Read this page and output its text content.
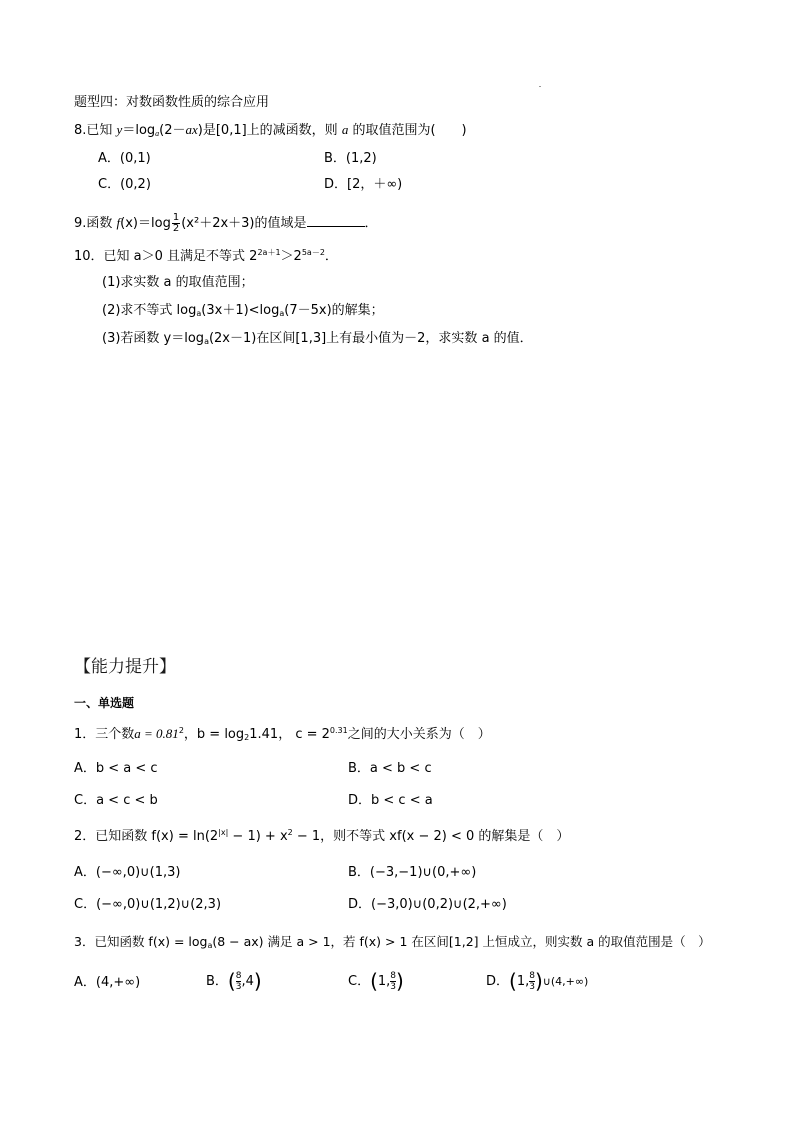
题型四：对数函数性质的综合应用
8.已知 $y=\log_a(2-ax)$是[0,1]上的减函数，则 a 的取值范围为(　　)
A．(0,1)	B．(1,2)
C．(0,2)	D．[2，＋∞)
9.函数 $f(x)=\log \frac{1}{2} (x^2+2x+3)$的值域是	．
10．已知 a＞0 且满足不等式 $2^{2a+1}>2^{5a-2}$．
(1)求实数 a 的取值范围；
(2)求不等式 $\log_a(3x+1)<\log_a(7-5x)$的解集；
(3)若函数 $y=\log_a(2x-1)$在区间[1,3]上有最小值为－2，求实数 a 的值．
【能力提升】
一、单选题
1．三个数$a = 0.81^2$，$b = \log_21.41$， $c = 2^{0.31}$之间的大小关系为（　）
A．b < a < c	B．a < b < c
C．a < c < b	D．b < c < a
2．已知函数 $f(x) = \ln(2^{|x|} - 1) + x^2 - 1$，则不等式 xf(x − 2) < 0 的解集是（　）
A．(−∞,0)∪(1,3)	B．(−3,−1)∪(0,+∞)
C．(−∞,0)∪(1,2)∪(2,3)	D．(−3,0)∪(0,2)∪(2,+∞)
3．已知函数 $f(x) = \log_a(8 - ax)$ 满足 a > 1，若 f(x) > 1 在区间[1,2] 上恒成立，则实数 a 的取值范围是（　）
A．(4,+∞)	B．( $\frac{8}{3} ,4$)	C．(1, $\frac{8}{3}$ )	D．(1, $\frac{8}{3}$ )∪(4,+∞)
